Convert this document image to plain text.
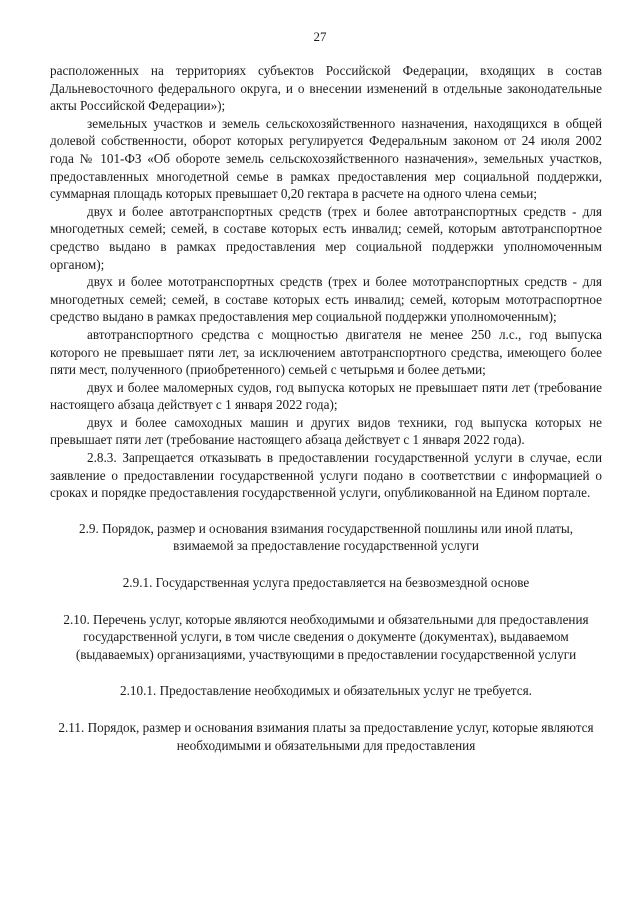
27

расположенных на территориях субъектов Российской Федерации, входящих в состав Дальневосточного федерального округа, и о внесении изменений в отдельные законодательные акты Российской Федерации»);

земельных участков и земель сельскохозяйственного назначения, находящихся в общей долевой собственности, оборот которых регулируется Федеральным законом от 24 июля 2002 года № 101-ФЗ «Об обороте земель сельскохозяйственного назначения», земельных участков, предоставленных многодетной семье в рамках предоставления мер социальной поддержки, суммарная площадь которых превышает 0,20 гектара в расчете на одного члена семьи;

двух и более автотранспортных средств (трех и более автотранспортных средств - для многодетных семей; семей, в составе которых есть инвалид; семей, которым автотранспортное средство выдано в рамках предоставления мер социальной поддержки уполномоченным органом);

двух и более мототранспортных средств (трех и более мототранспортных средств - для многодетных семей; семей, в составе которых есть инвалид; семей, которым мототраспортное средство выдано в рамках предоставления мер социальной поддержки уполномоченным);

автотранспортного средства с мощностью двигателя не менее 250 л.с., год выпуска которого не превышает пяти лет, за исключением автотранспортного средства, имеющего более пяти мест, полученного (приобретенного) семьей с четырьмя и более детьми;

двух и более маломерных судов, год выпуска которых не превышает пяти лет (требование настоящего абзаца действует с 1 января 2022 года);

двух и более самоходных машин и других видов техники, год выпуска которых не превышает пяти лет (требование настоящего абзаца действует с 1 января 2022 года).

2.8.3. Запрещается отказывать в предоставлении государственной услуги в случае, если заявление о предоставлении государственной услуги подано в соответствии с информацией о сроках и порядке предоставления государственной услуги, опубликованной на Едином портале.

2.9. Порядок, размер и основания взимания государственной пошлины или иной платы, взимаемой за предоставление государственной услуги

2.9.1. Государственная услуга предоставляется на безвозмездной основе

2.10. Перечень услуг, которые являются необходимыми и обязательными для предоставления государственной услуги, в том числе сведения о документе (документах), выдаваемом (выдаваемых) организациями, участвующими в предоставлении государственной услуги

2.10.1. Предоставление необходимых и обязательных услуг не требуется.

2.11. Порядок, размер и основания взимания платы за предоставление услуг, которые являются необходимыми и обязательными для предоставления
